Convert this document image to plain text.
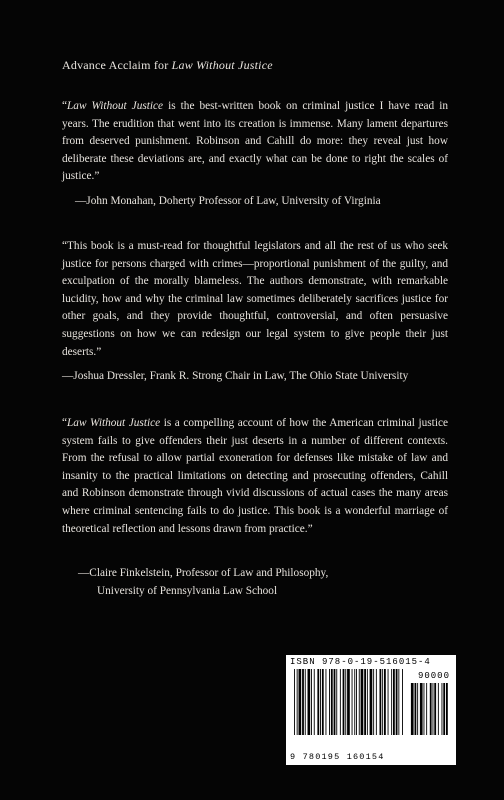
Advance Acclaim for Law Without Justice
“Law Without Justice is the best-written book on criminal justice I have read in years. The erudition that went into its creation is immense. Many lament departures from deserved punishment. Robinson and Cahill do more: they reveal just how deliberate these deviations are, and exactly what can be done to right the scales of justice.”
—John Monahan, Doherty Professor of Law, University of Virginia
“This book is a must-read for thoughtful legislators and all the rest of us who seek justice for persons charged with crimes—proportional punishment of the guilty, and exculpation of the morally blameless. The authors demonstrate, with remarkable lucidity, how and why the criminal law sometimes deliberately sacrifices justice for other goals, and they provide thoughtful, controversial, and often persuasive suggestions on how we can redesign our legal system to give people their just deserts.”
—Joshua Dressler, Frank R. Strong Chair in Law, The Ohio State University
“Law Without Justice is a compelling account of how the American criminal justice system fails to give offenders their just deserts in a number of different contexts. From the refusal to allow partial exoneration for defenses like mistake of law and insanity to the practical limitations on detecting and prosecuting offenders, Cahill and Robinson demonstrate through vivid discussions of actual cases the many areas where criminal sentencing fails to do justice. This book is a wonderful marriage of theoretical reflection and lessons drawn from practice.”
—Claire Finkelstein, Professor of Law and Philosophy,
University of Pennsylvania Law School
ISBN 978-0-19-516015-4
90000
9 780195 160154
